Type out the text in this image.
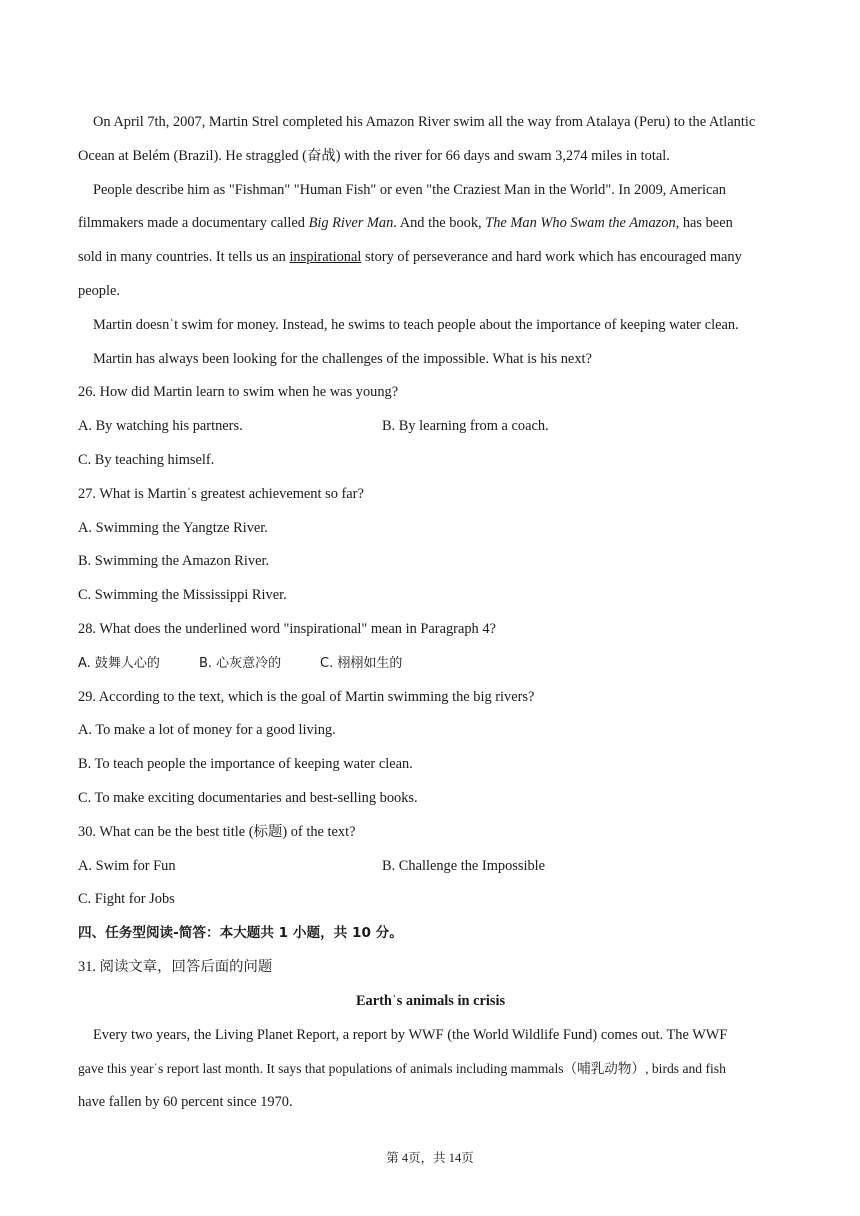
On April 7th, 2007, Martin Strel completed his Amazon River swim all the way from Atalaya (Peru) to the Atlantic
Ocean at Belém (Brazil). He straggled (奋战) with the river for 66 days and swam 3,274 miles in total.
People describe him as "Fishman" "Human Fish" or even "the Craziest Man in the World". In 2009, American
filmmakers made a documentary called Big River Man. And the book, The Man Who Swam the Amazon, has been
sold in many countries. It tells us an inspirational story of perseverance and hard work which has encouraged many
people.
Martin doesnˈt swim for money. Instead, he swims to teach people about the importance of keeping water clean.
Martin has always been looking for the challenges of the impossible. What is his next?
26. How did Martin learn to swim when he was young?
A. By watching his partners.	B. By learning from a coach.
C. By teaching himself.
27. What is Martinˈs greatest achievement so far?
A. Swimming the Yangtze River.
B. Swimming the Amazon River.
C. Swimming the Mississippi River.
28. What does the underlined word "inspirational" mean in Paragraph 4?
A. 鼓舞人心的	B. 心灰意冷的	C. 栩栩如生的
29. According to the text, which is the goal of Martin swimming the big rivers?
A. To make a lot of money for a good living.
B. To teach people the importance of keeping water clean.
C. To make exciting documentaries and best-selling books.
30. What can be the best title (标题) of the text?
A. Swim for Fun	B. Challenge the Impossible
C. Fight for Jobs
四、任务型阅读-简答：本大题共 1 小题，共 10 分。
31. 阅读文章，回答后面的问题
Earthˈs animals in crisis
Every two years, the Living Planet Report, a report by WWF (the World Wildlife Fund) comes out. The WWF
gave this yearˈs report last month. It says that populations of animals including mammals（哺乳动物）, birds and fish
have fallen by 60 percent since 1970.
第 4页，共 14页
